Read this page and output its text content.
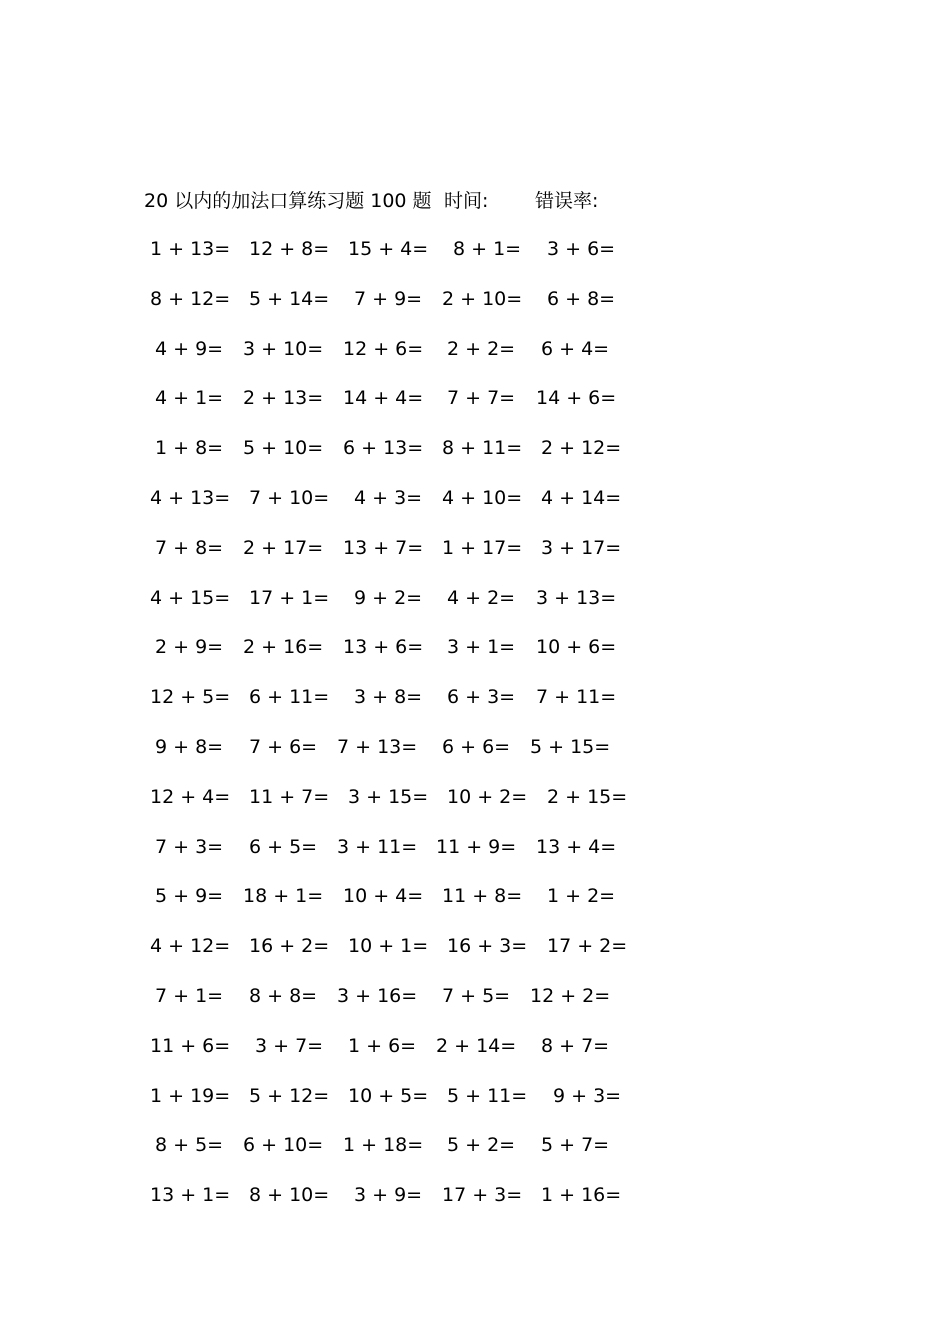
20 以内的加法口算练习题 100 题 时间: 错误率:
1 + 13= 12 + 8= 15 + 4= 8 + 1= 3 + 6=
8 + 12= 5 + 14= 7 + 9= 2 + 10= 6 + 8=
4 + 9= 3 + 10= 12 + 6= 2 + 2= 6 + 4=
4 + 1= 2 + 13= 14 + 4= 7 + 7= 14 + 6=
1 + 8= 5 + 10= 6 + 13= 8 + 11= 2 + 12=
4 + 13= 7 + 10= 4 + 3= 4 + 10= 4 + 14=
7 + 8= 2 + 17= 13 + 7= 1 + 17= 3 + 17=
4 + 15= 17 + 1= 9 + 2= 4 + 2= 3 + 13=
2 + 9= 2 + 16= 13 + 6= 3 + 1= 10 + 6=
12 + 5= 6 + 11= 3 + 8= 6 + 3= 7 + 11=
9 + 8= 7 + 6= 7 + 13= 6 + 6= 5 + 15=
12 + 4= 11 + 7= 3 + 15= 10 + 2= 2 + 15=
7 + 3= 6 + 5= 3 + 11= 11 + 9= 13 + 4=
5 + 9= 18 + 1= 10 + 4= 11 + 8= 1 + 2=
4 + 12= 16 + 2= 10 + 1= 16 + 3= 17 + 2=
7 + 1= 8 + 8= 3 + 16= 7 + 5= 12 + 2=
11 + 6= 3 + 7= 1 + 6= 2 + 14= 8 + 7=
1 + 19= 5 + 12= 10 + 5= 5 + 11= 9 + 3=
8 + 5= 6 + 10= 1 + 18= 5 + 2= 5 + 7=
13 + 1= 8 + 10= 3 + 9= 17 + 3= 1 + 16=
